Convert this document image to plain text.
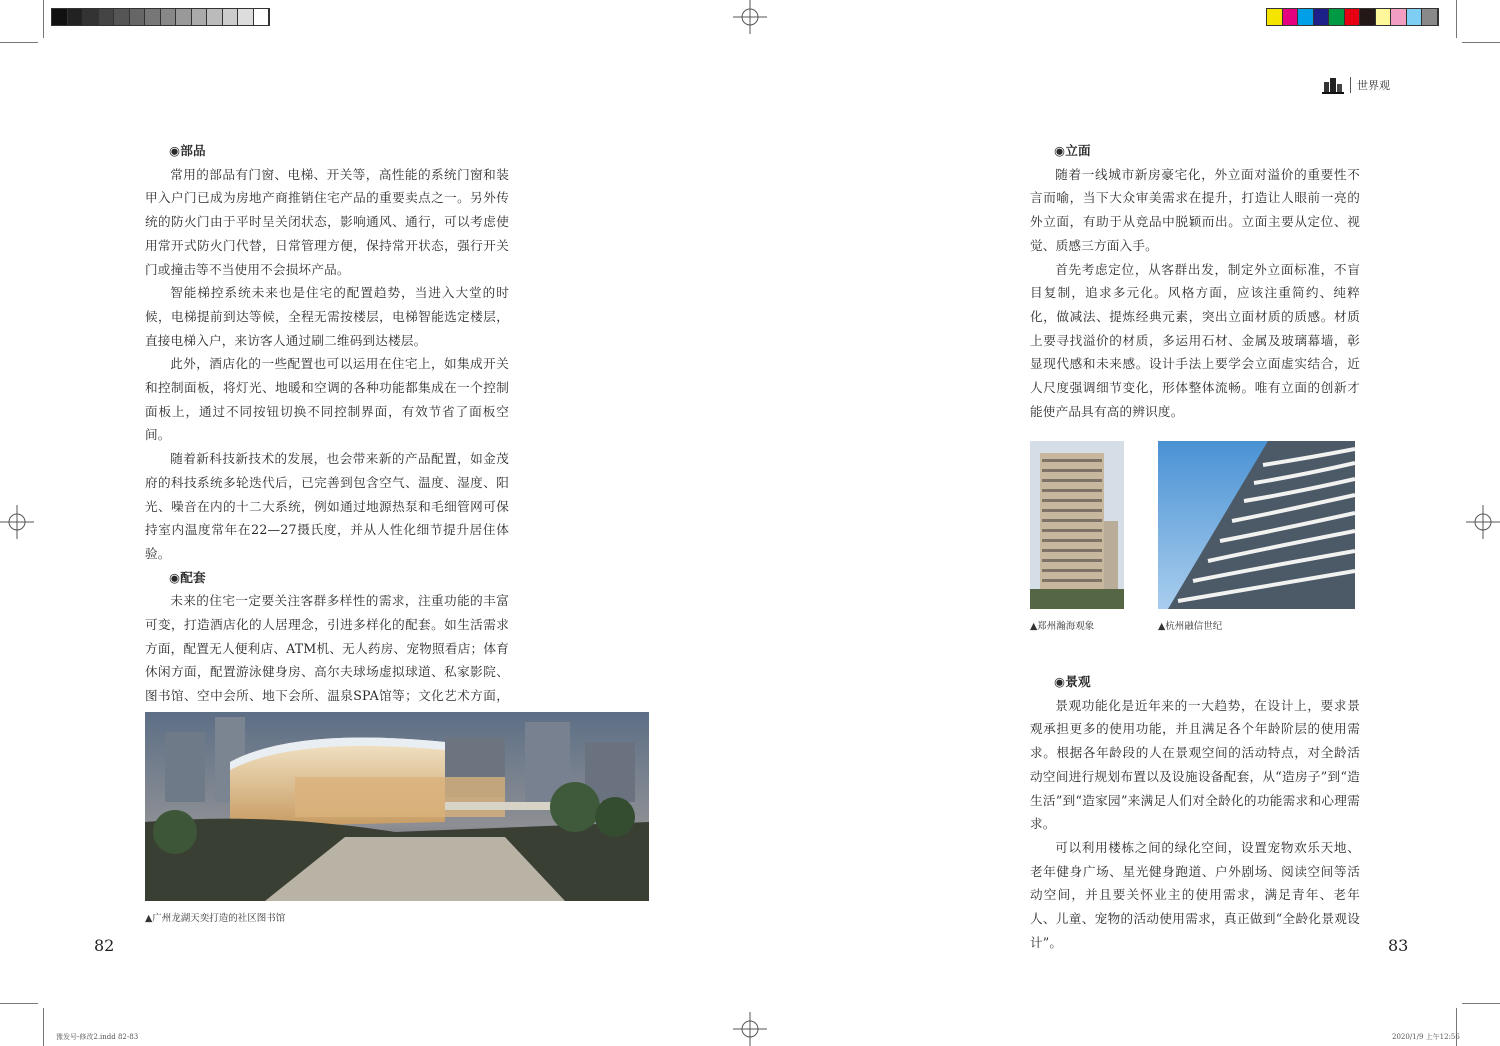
世界观
◉部品

常用的部品有门窗、电梯、开关等，高性能的系统门窗和装甲入户门已成为房地产商推销住宅产品的重要卖点之一。另外传统的防火门由于平时呈关闭状态，影响通风、通行，可以考虑使用常开式防火门代替，日常管理方便，保持常开状态，强行开关门或撞击等不当使用不会损坏产品。

智能梯控系统未来也是住宅的配置趋势，当进入大堂的时候，电梯提前到达等候，全程无需按楼层，电梯智能选定楼层，直接电梯入户，来访客人通过刷二维码到达楼层。

此外，酒店化的一些配置也可以运用在住宅上，如集成开关和控制面板，将灯光、地暖和空调的各种功能都集成在一个控制面板上，通过不同按钮切换不同控制界面，有效节省了面板空间。

随着新科技新技术的发展，也会带来新的产品配置，如金茂府的科技系统多轮迭代后，已完善到包含空气、温度、湿度、阳光、噪音在内的十二大系统，例如通过地源热泵和毛细管网可保持室内温度常年在22—27摄氏度，并从人性化细节提升居住体验。

◉配套

未来的住宅一定要关注客群多样性的需求，注重功能的丰富可变，打造酒店化的人居理念，引进多样化的配套。如生活需求方面，配置无人便利店、ATM机、无人药房、宠物照看店；体育休闲方面，配置游泳健身房、高尔夫球场虚拟球道、私家影院、图书馆、空中会所、地下会所、温泉SPA馆等；文化艺术方面，

▲广州龙湖天奕打造的社区图书馆
82
◉立面

随着一线城市新房豪宅化，外立面对溢价的重要性不言而喻，当下大众审美需求在提升，打造让人眼前一亮的外立面，有助于从竞品中脱颖而出。立面主要从定位、视觉、质感三方面入手。

首先考虑定位，从客群出发，制定外立面标准，不盲目复制，追求多元化。风格方面，应该注重简约、纯粹化，做减法、提炼经典元素，突出立面材质的质感。材质上要寻找溢价的材质，多运用石材、金属及玻璃幕墙，彰显现代感和未来感。设计手法上要学会立面虚实结合，近人尺度强调细节变化，形体整体流畅。唯有立面的创新才能使产品具有高的辨识度。

▲郑州瀚海观象	▲杭州融信世纪
◉景观

景观功能化是近年来的一大趋势，在设计上，要求景观承担更多的使用功能，并且满足各个年龄阶层的使用需求。根据各年龄段的人在景观空间的活动特点，对全龄活动空间进行规划布置以及设施设备配套，从“造房子”到“造生活”到“造家园”来满足人们对全龄化的功能需求和心理需求。

可以利用楼栋之间的绿化空间，设置宠物欢乐天地、老年健身广场、星光健身跑道、户外剧场、阅读空间等活动空间，并且要关怀业主的使用需求，满足青年、老年人、儿童、宠物的活动使用需求，真正做到“全龄化景观设计”。	83
豫发号-修改2.indd 82-83	2020/1/9 上午12:56
